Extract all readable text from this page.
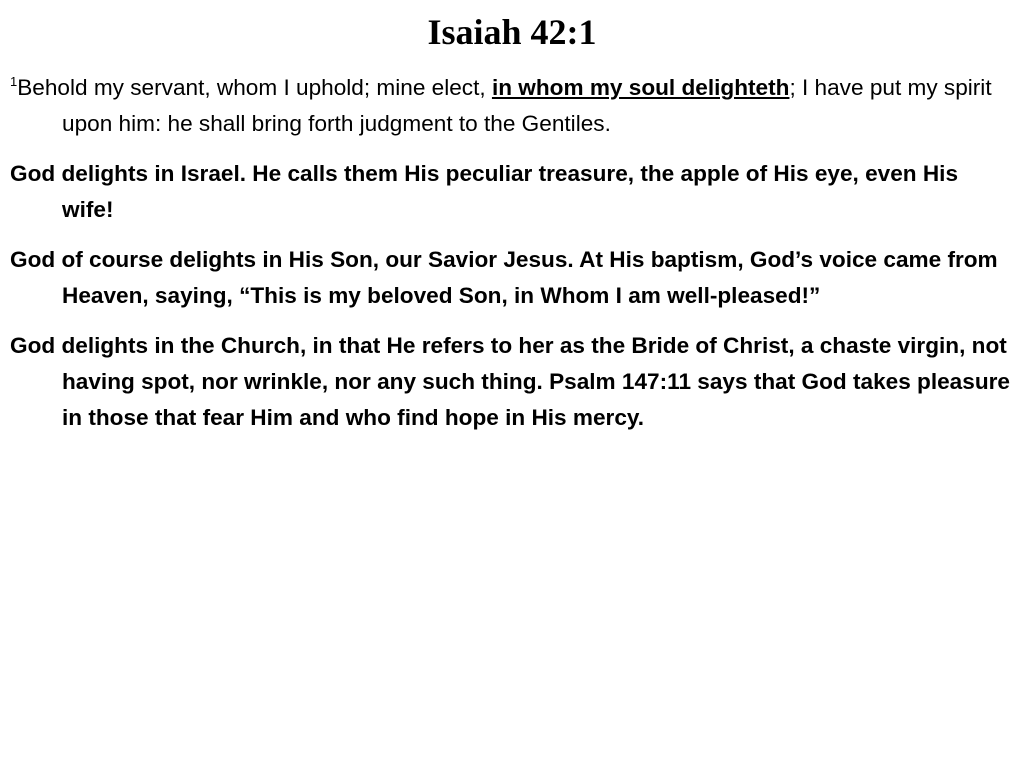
Isaiah 42:1

$^1$Behold my servant, whom I uphold; mine elect, in whom my soul delighteth; I have put my spirit upon him: he shall bring forth judgment to the Gentiles.

God delights in Israel. He calls them His peculiar treasure, the apple of His eye, even His wife!

God of course delights in His Son, our Savior Jesus. At His baptism, God’s voice came from Heaven, saying, “This is my beloved Son, in Whom I am well-pleased!”

God delights in the Church, in that He refers to her as the Bride of Christ, a chaste virgin, not having spot, nor wrinkle, nor any such thing. Psalm 147:11 says that God takes pleasure in those that fear Him and who find hope in His mercy.
